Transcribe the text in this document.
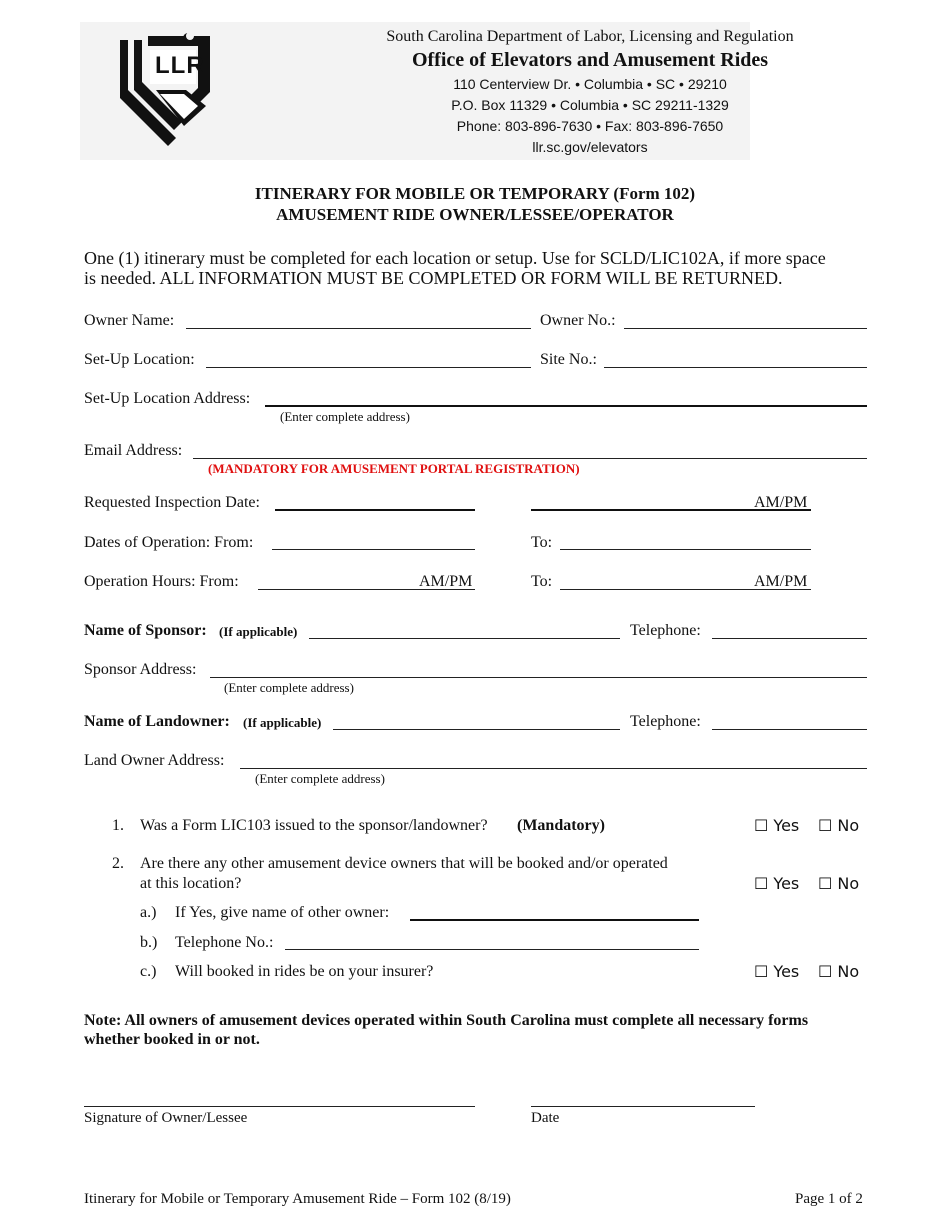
LLR
South Carolina Department of Labor, Licensing and Regulation
Office of Elevators and Amusement Rides
110 Centerview Dr. • Columbia • SC • 29210
P.O. Box 11329 • Columbia • SC 29211-1329
Phone: 803-896-7630 • Fax: 803-896-7650
llr.sc.gov/elevators
ITINERARY FOR MOBILE OR TEMPORARY (Form 102)
AMUSEMENT RIDE OWNER/LESSEE/OPERATOR
One (1) itinerary must be completed for each location or setup. Use for SCLD/LIC102A, if more space
is needed. ALL INFORMATION MUST BE COMPLETED OR FORM WILL BE RETURNED.
Owner Name:	Owner No.:
Set-Up Location:	Site No.:
Set-Up Location Address:
(Enter complete address)
Email Address:
(MANDATORY FOR AMUSEMENT PORTAL REGISTRATION)
Requested Inspection Date:	AM/PM
Dates of Operation: From:	To:
Operation Hours: From:	AM/PM	To:	AM/PM
Name of Sponsor: (If applicable)	Telephone:
Sponsor Address:
(Enter complete address)
Name of Landowner: (If applicable)	Telephone:
Land Owner Address:
(Enter complete address)
1. Was a Form LIC103 issued to the sponsor/landowner? (Mandatory)	☐ Yes ☐ No
2. Are there any other amusement device owners that will be booked and/or operated
at this location?	☐ Yes ☐ No
a.) If Yes, give name of other owner:
b.) Telephone No.:
c.) Will booked in rides be on your insurer?	☐ Yes ☐ No
Note: All owners of amusement devices operated within South Carolina must complete all necessary forms
whether booked in or not.
Signature of Owner/Lessee	Date
Itinerary for Mobile or Temporary Amusement Ride – Form 102 (8/19)	Page 1 of 2
